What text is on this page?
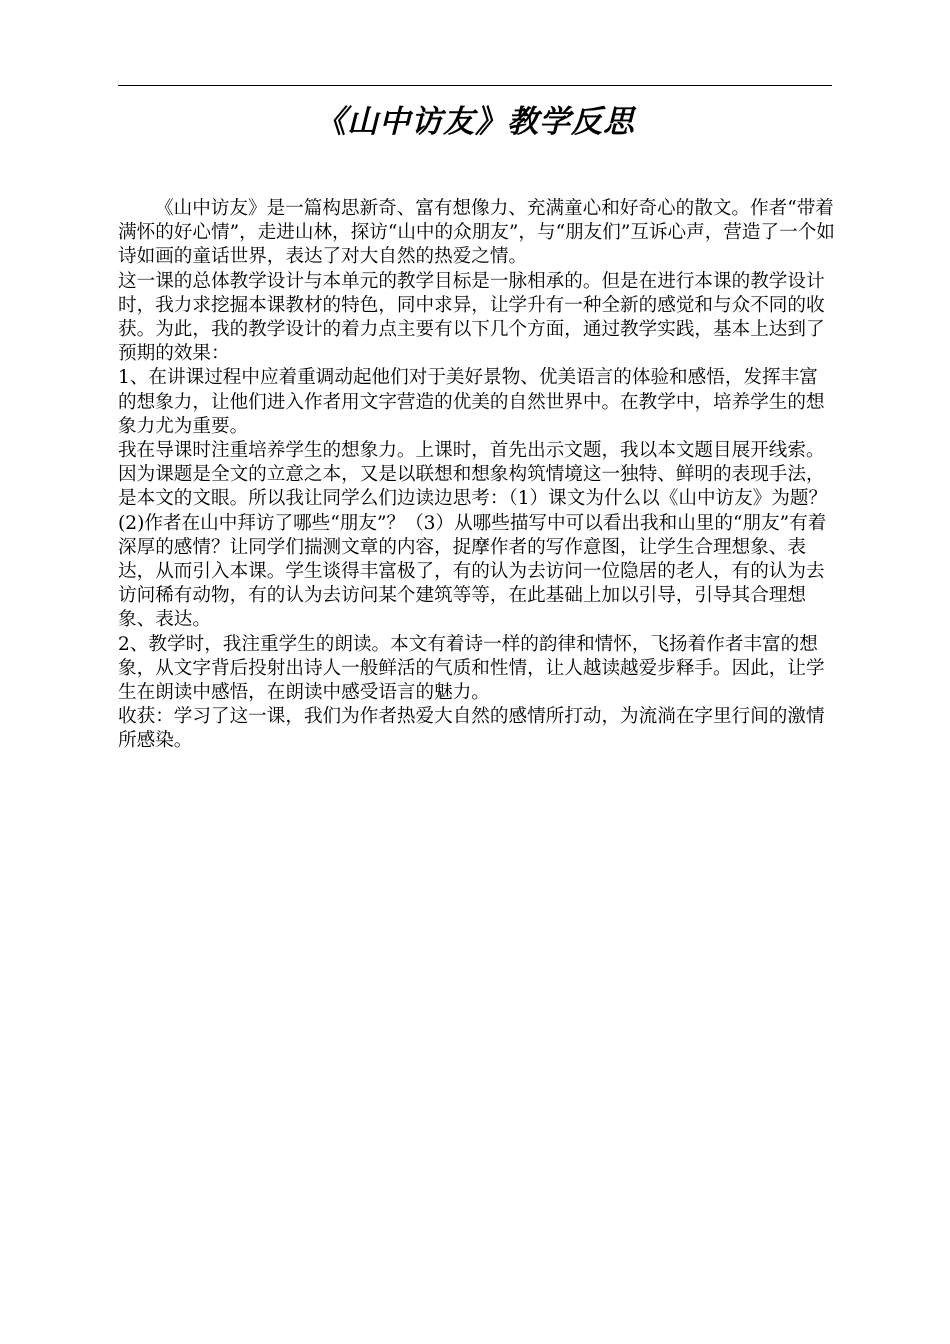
《山中访友》教学反思

《山中访友》是一篇构思新奇、富有想像力、充满童心和好奇心的散文。作者“带着满怀的好心情”，走进山林，探访“山中的众朋友”，与“朋友们”互诉心声，营造了一个如诗如画的童话世界，表达了对大自然的热爱之情。

这一课的总体教学设计与本单元的教学目标是一脉相承的。但是在进行本课的教学设计时，我力求挖掘本课教材的特色，同中求异，让学升有一种全新的感觉和与众不同的收获。为此，我的教学设计的着力点主要有以下几个方面，通过教学实践，基本上达到了预期的效果：

1、在讲课过程中应着重调动起他们对于美好景物、优美语言的体验和感悟，发挥丰富的想象力，让他们进入作者用文字营造的优美的自然世界中。在教学中，培养学生的想象力尤为重要。

我在导课时注重培养学生的想象力。上课时，首先出示文题，我以本文题目展开线索。因为课题是全文的立意之本，又是以联想和想象构筑情境这一独特、鲜明的表现手法，是本文的文眼。所以我让同学么们边读边思考：（1）课文为什么以《山中访友》为题？(2)作者在山中拜访了哪些“朋友”？（3）从哪些描写中可以看出我和山里的“朋友”有着深厚的感情？让同学们揣测文章的内容，捉摩作者的写作意图，让学生合理想象、表达，从而引入本课。学生谈得丰富极了，有的认为去访问一位隐居的老人，有的认为去访问稀有动物，有的认为去访问某个建筑等等，在此基础上加以引导，引导其合理想象、表达。

2、教学时，我注重学生的朗读。本文有着诗一样的韵律和情怀，飞扬着作者丰富的想象，从文字背后投射出诗人一般鲜活的气质和性情，让人越读越爱步释手。因此，让学生在朗读中感悟，在朗读中感受语言的魅力。

收获：学习了这一课，我们为作者热爱大自然的感情所打动，为流淌在字里行间的激情所感染。
